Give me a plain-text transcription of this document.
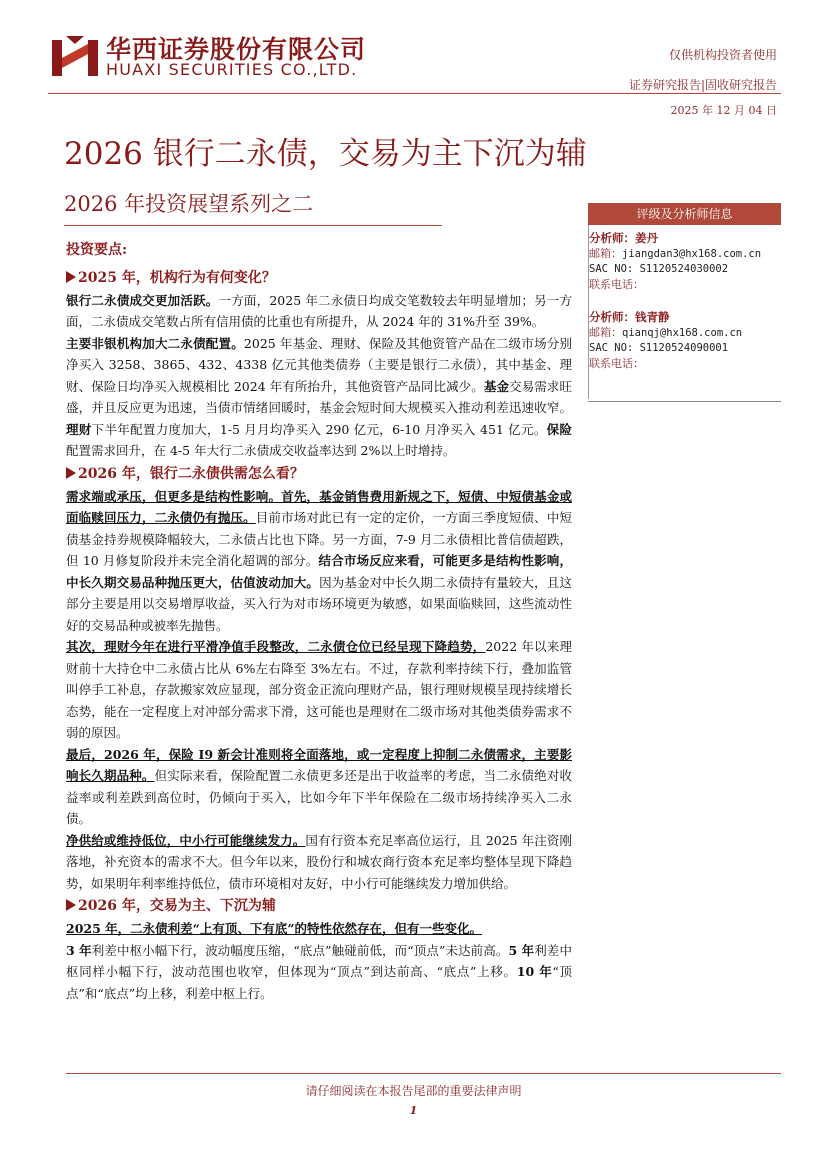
华西证券股份有限公司
HUAXI SECURITIES CO.,LTD.
仅供机构投资者使用
证券研究报告|固收研究报告
2025 年 12 月 04 日
2026 银行二永债，交易为主下沉为辅
2026 年投资展望系列之二

投资要点:

2025 年，机构行为有何变化？

银行二永债成交更加活跃。一方面，2025 年二永债日均成交笔数较去年明显增加；另一方面，二永债成交笔数占所有信用债的比重也有所提升，从 2024 年的 31%升至 39%。

主要非银机构加大二永债配置。2025 年基金、理财、保险及其他资管产品在二级市场分别净买入 3258、3865、432、4338 亿元其他类债券（主要是银行二永债），其中基金、理财、保险日均净买入规模相比 2024 年有所抬升，其他资管产品同比减少。基金交易需求旺盛，并且反应更为迅速，当债市情绪回暖时，基金会短时间大规模买入推动利差迅速收窄。理财下半年配置力度加大，1-5 月月均净买入 290 亿元，6-10 月净买入 451 亿元。保险配置需求回升，在 4-5 年大行二永债成交收益率达到 2%以上时增持。

2026 年，银行二永债供需怎么看？

需求端或承压，但更多是结构性影响。首先，基金销售费用新规之下，短债、中短债基金或面临赎回压力，二永债仍有抛压。目前市场对此已有一定的定价，一方面三季度短债、中短债基金持券规模降幅较大，二永债占比也下降。另一方面，7-9 月二永债相比普信债超跌，但 10 月修复阶段并未完全消化超调的部分。结合市场反应来看，可能更多是结构性影响，中长久期交易品种抛压更大，估值波动加大。因为基金对中长久期二永债持有量较大，且这部分主要是用以交易增厚收益，买入行为对市场环境更为敏感，如果面临赎回，这些流动性好的交易品种或被率先抛售。

其次，理财今年在进行平滑净值手段整改，二永债仓位已经呈现下降趋势，2022 年以来理财前十大持仓中二永债占比从 6%左右降至 3%左右。不过，存款利率持续下行，叠加监管叫停手工补息，存款搬家效应显现，部分资金正流向理财产品，银行理财规模呈现持续增长态势，能在一定程度上对冲部分需求下滑，这可能也是理财在二级市场对其他类债券需求不弱的原因。

最后，2026 年，保险 I9 新会计准则将全面落地，或一定程度上抑制二永债需求，主要影响长久期品种。但实际来看，保险配置二永债更多还是出于收益率的考虑，当二永债绝对收益率或利差跌到高位时，仍倾向于买入，比如今年下半年保险在二级市场持续净买入二永债。

净供给或维持低位，中小行可能继续发力。国有行资本充足率高位运行，且 2025 年注资刚落地，补充资本的需求不大。但今年以来，股份行和城农商行资本充足率均整体呈现下降趋势，如果明年利率维持低位，债市环境相对友好，中小行可能继续发力增加供给。

2026 年，交易为主、下沉为辅

2025 年，二永债利差“上有顶、下有底”的特性依然存在，但有一些变化。

3 年利差中枢小幅下行，波动幅度压缩，“底点”触碰前低，而“顶点”未达前高。5 年利差中枢同样小幅下行，波动范围也收窄，但体现为“顶点”到达前高、“底点”上移。10 年“顶点”和“底点”均上移，利差中枢上行。

评级及分析师信息
分析师：姜丹
邮箱：jiangdan3@hx168.com.cn
SAC NO: S1120524030002
联系电话：
分析师：钱青静
邮箱：qianqj@hx168.com.cn
SAC NO: S1120524090001
联系电话：
请仔细阅读在本报告尾部的重要法律声明
1
